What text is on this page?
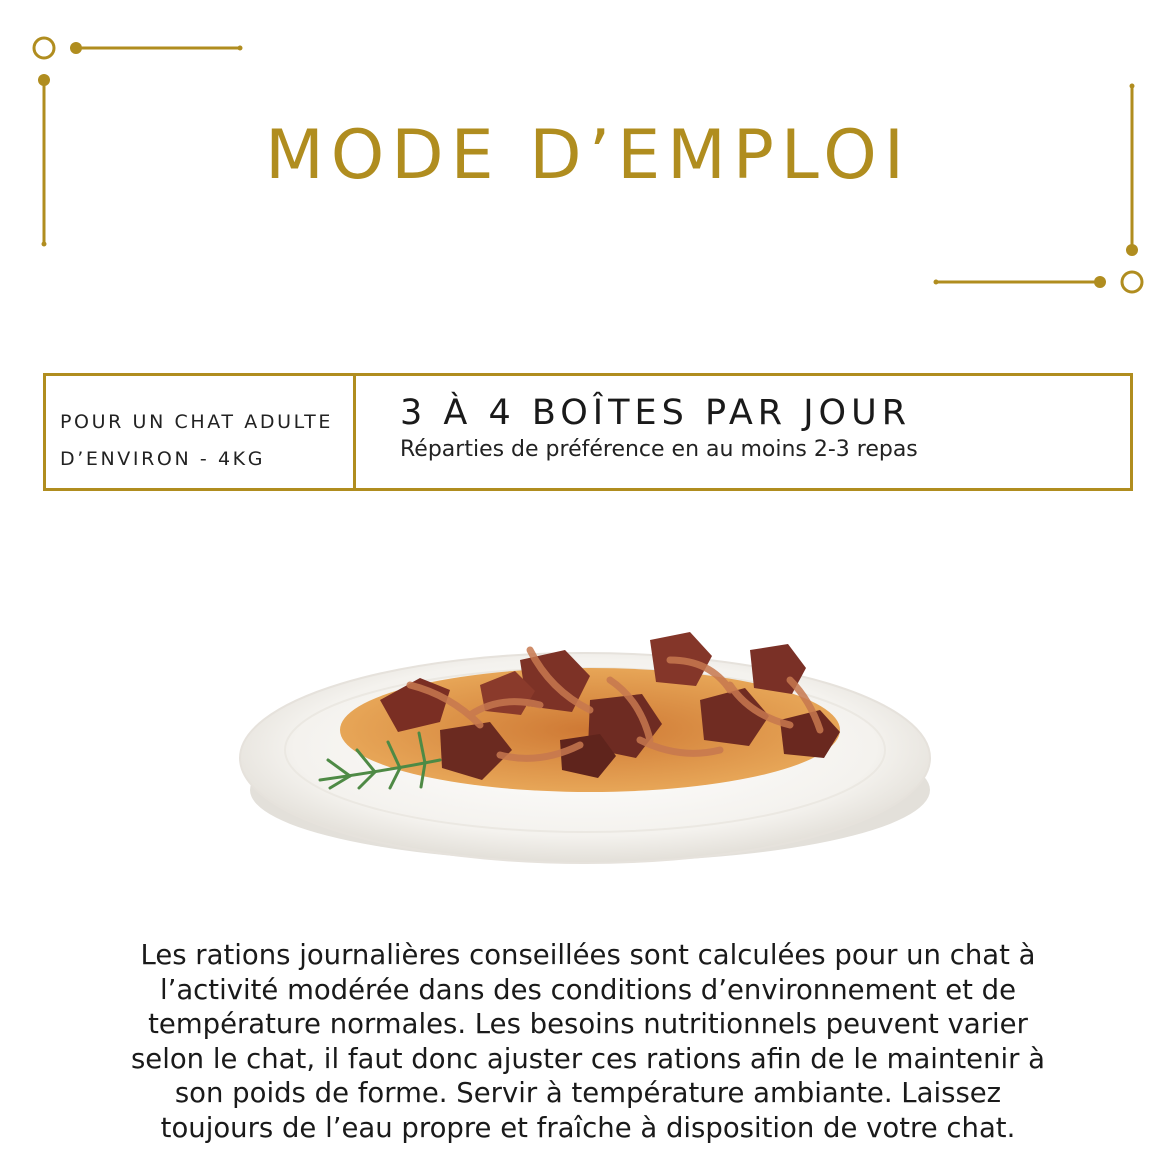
MODE D’EMPLOI
POUR UN CHAT ADULTE
D’ENVIRON - 4KG
3 À 4 BOÎTES PAR JOUR
Réparties de préférence en au moins 2-3 repas

Les rations journalières conseillées sont calculées pour un chat à l’activité modérée dans des conditions d’environnement et de température normales. Les besoins nutritionnels peuvent varier selon le chat, il faut donc ajuster ces rations afin de le maintenir à son poids de forme. Servir à température ambiante. Laissez toujours de l’eau propre et fraîche à disposition de votre chat.
